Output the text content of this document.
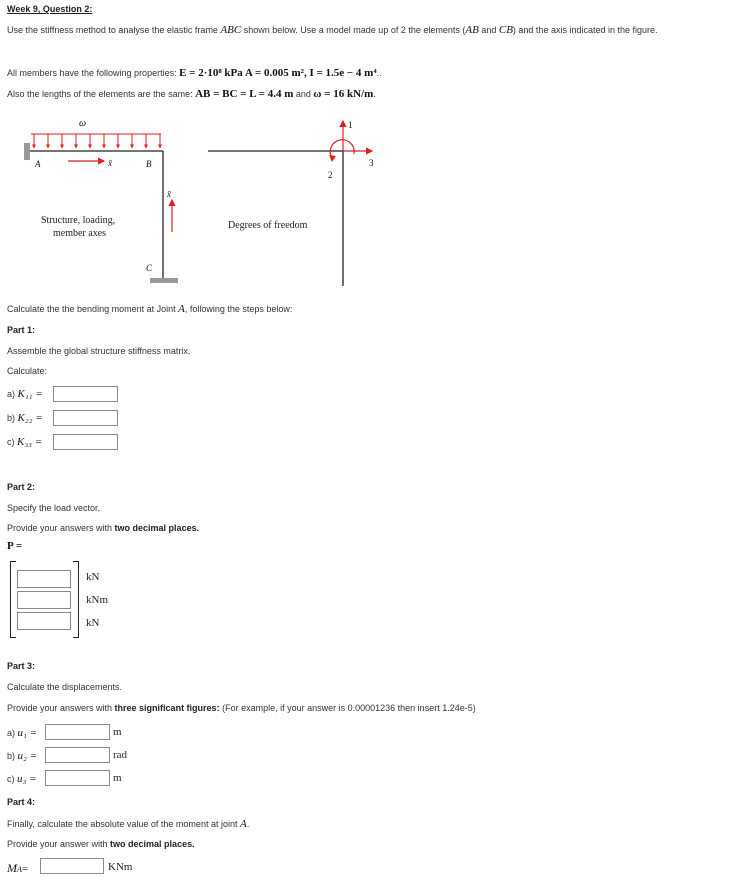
Week 9, Question 2:
Use the stiffness method to analyse the elastic frame ABC shown below. Use a model made up of 2 the elements (AB and CB) and the axis indicated in the figure.
All members have the following properties: E = 2·10⁸ kPa A = 0.005 m², I = 1.5e − 4 m⁴..
Also the lengths of the elements are the same: AB = BC = L = 4.4 m and ω = 16 kN/m.
ω
A	B
C
x̄
x̄
Structure, loading,
member axes
1
2
3
Degrees of freedom
Calculate the the bending moment at Joint A, following the steps below:
Part 1:
Assemble the global structure stiffness matrix.
Calculate:
a) K₁₁ =
b) K₂₂ =
c) K₃₃ =
Part 2:
Specify the load vector.
Provide your answers with two decimal places.
P =
kN
kNm
kN
Part 3:
Calculate the displacements.
Provide your answers with three significant figures: (For example, if your answer is 0.00001236 then insert 1.24e-5)
a) u₁ =	m
b) u₂ =	rad
c) u₃ =	m
Part 4:
Finally, calculate the absolute value of the moment at joint A.
Provide your answer with two decimal places.
MA=	KNm
